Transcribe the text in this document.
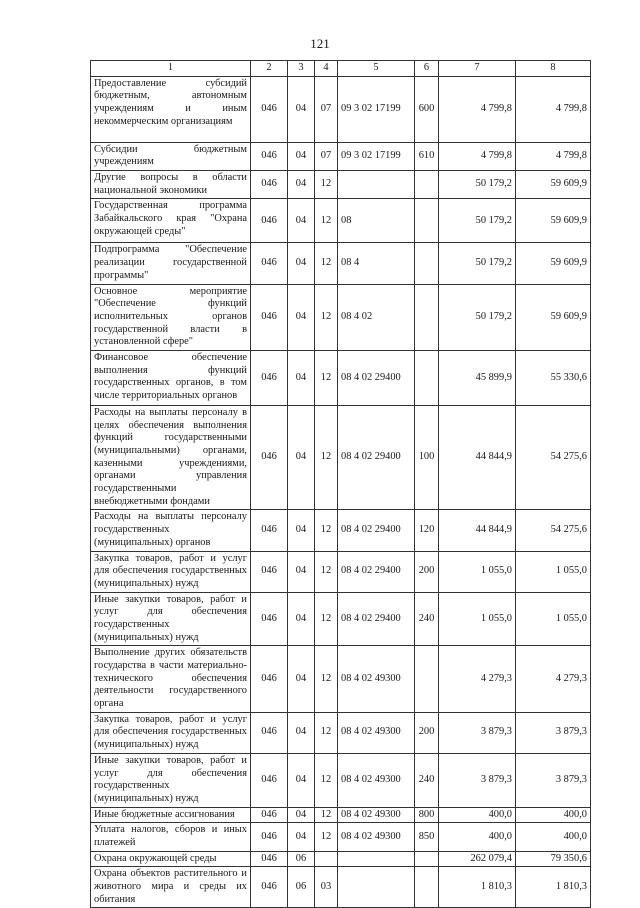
121
1	2	3	4	5	6	7	8
Предоставление субсидий бюджетным, автономным учреждениям и иным некоммерческим организациям	046	04	07	09 3 02 17199	600	4 799,8	4 799,8
Субсидии бюджетным учреждениям	046	04	07	09 3 02 17199	610	4 799,8	4 799,8
Другие вопросы в области национальной экономики	046	04	12			50 179,2	59 609,9
Государственная программа Забайкальского края "Охрана окружающей среды"	046	04	12	08		50 179,2	59 609,9
Подпрограмма "Обеспечение реализации государственной программы"	046	04	12	08 4		50 179,2	59 609,9
Основное мероприятие "Обеспечение функций исполнительных органов государственной власти в установленной сфере"	046	04	12	08 4 02		50 179,2	59 609,9
Финансовое обеспечение выполнения функций государственных органов, в том числе территориальных органов	046	04	12	08 4 02 29400		45 899,9	55 330,6
Расходы на выплаты персоналу в целях обеспечения выполнения функций государственными (муниципальными) органами, казенными учреждениями, органами управления государственными внебюджетными фондами	046	04	12	08 4 02 29400	100	44 844,9	54 275,6
Расходы на выплаты персоналу государственных (муниципальных) органов	046	04	12	08 4 02 29400	120	44 844,9	54 275,6
Закупка товаров, работ и услуг для обеспечения государственных (муниципальных) нужд	046	04	12	08 4 02 29400	200	1 055,0	1 055,0
Иные закупки товаров, работ и услуг для обеспечения государственных (муниципальных) нужд	046	04	12	08 4 02 29400	240	1 055,0	1 055,0
Выполнение других обязательств государства в части материально-технического обеспечения деятельности государственного органа	046	04	12	08 4 02 49300		4 279,3	4 279,3
Закупка товаров, работ и услуг для обеспечения государственных (муниципальных) нужд	046	04	12	08 4 02 49300	200	3 879,3	3 879,3
Иные закупки товаров, работ и услуг для обеспечения государственных (муниципальных) нужд	046	04	12	08 4 02 49300	240	3 879,3	3 879,3
Иные бюджетные ассигнования	046	04	12	08 4 02 49300	800	400,0	400,0
Уплата налогов, сборов и иных платежей	046	04	12	08 4 02 49300	850	400,0	400,0
Охрана окружающей среды	046	06				262 079,4	79 350,6
Охрана объектов растительного и животного мира и среды их обитания	046	06	03			1 810,3	1 810,3
